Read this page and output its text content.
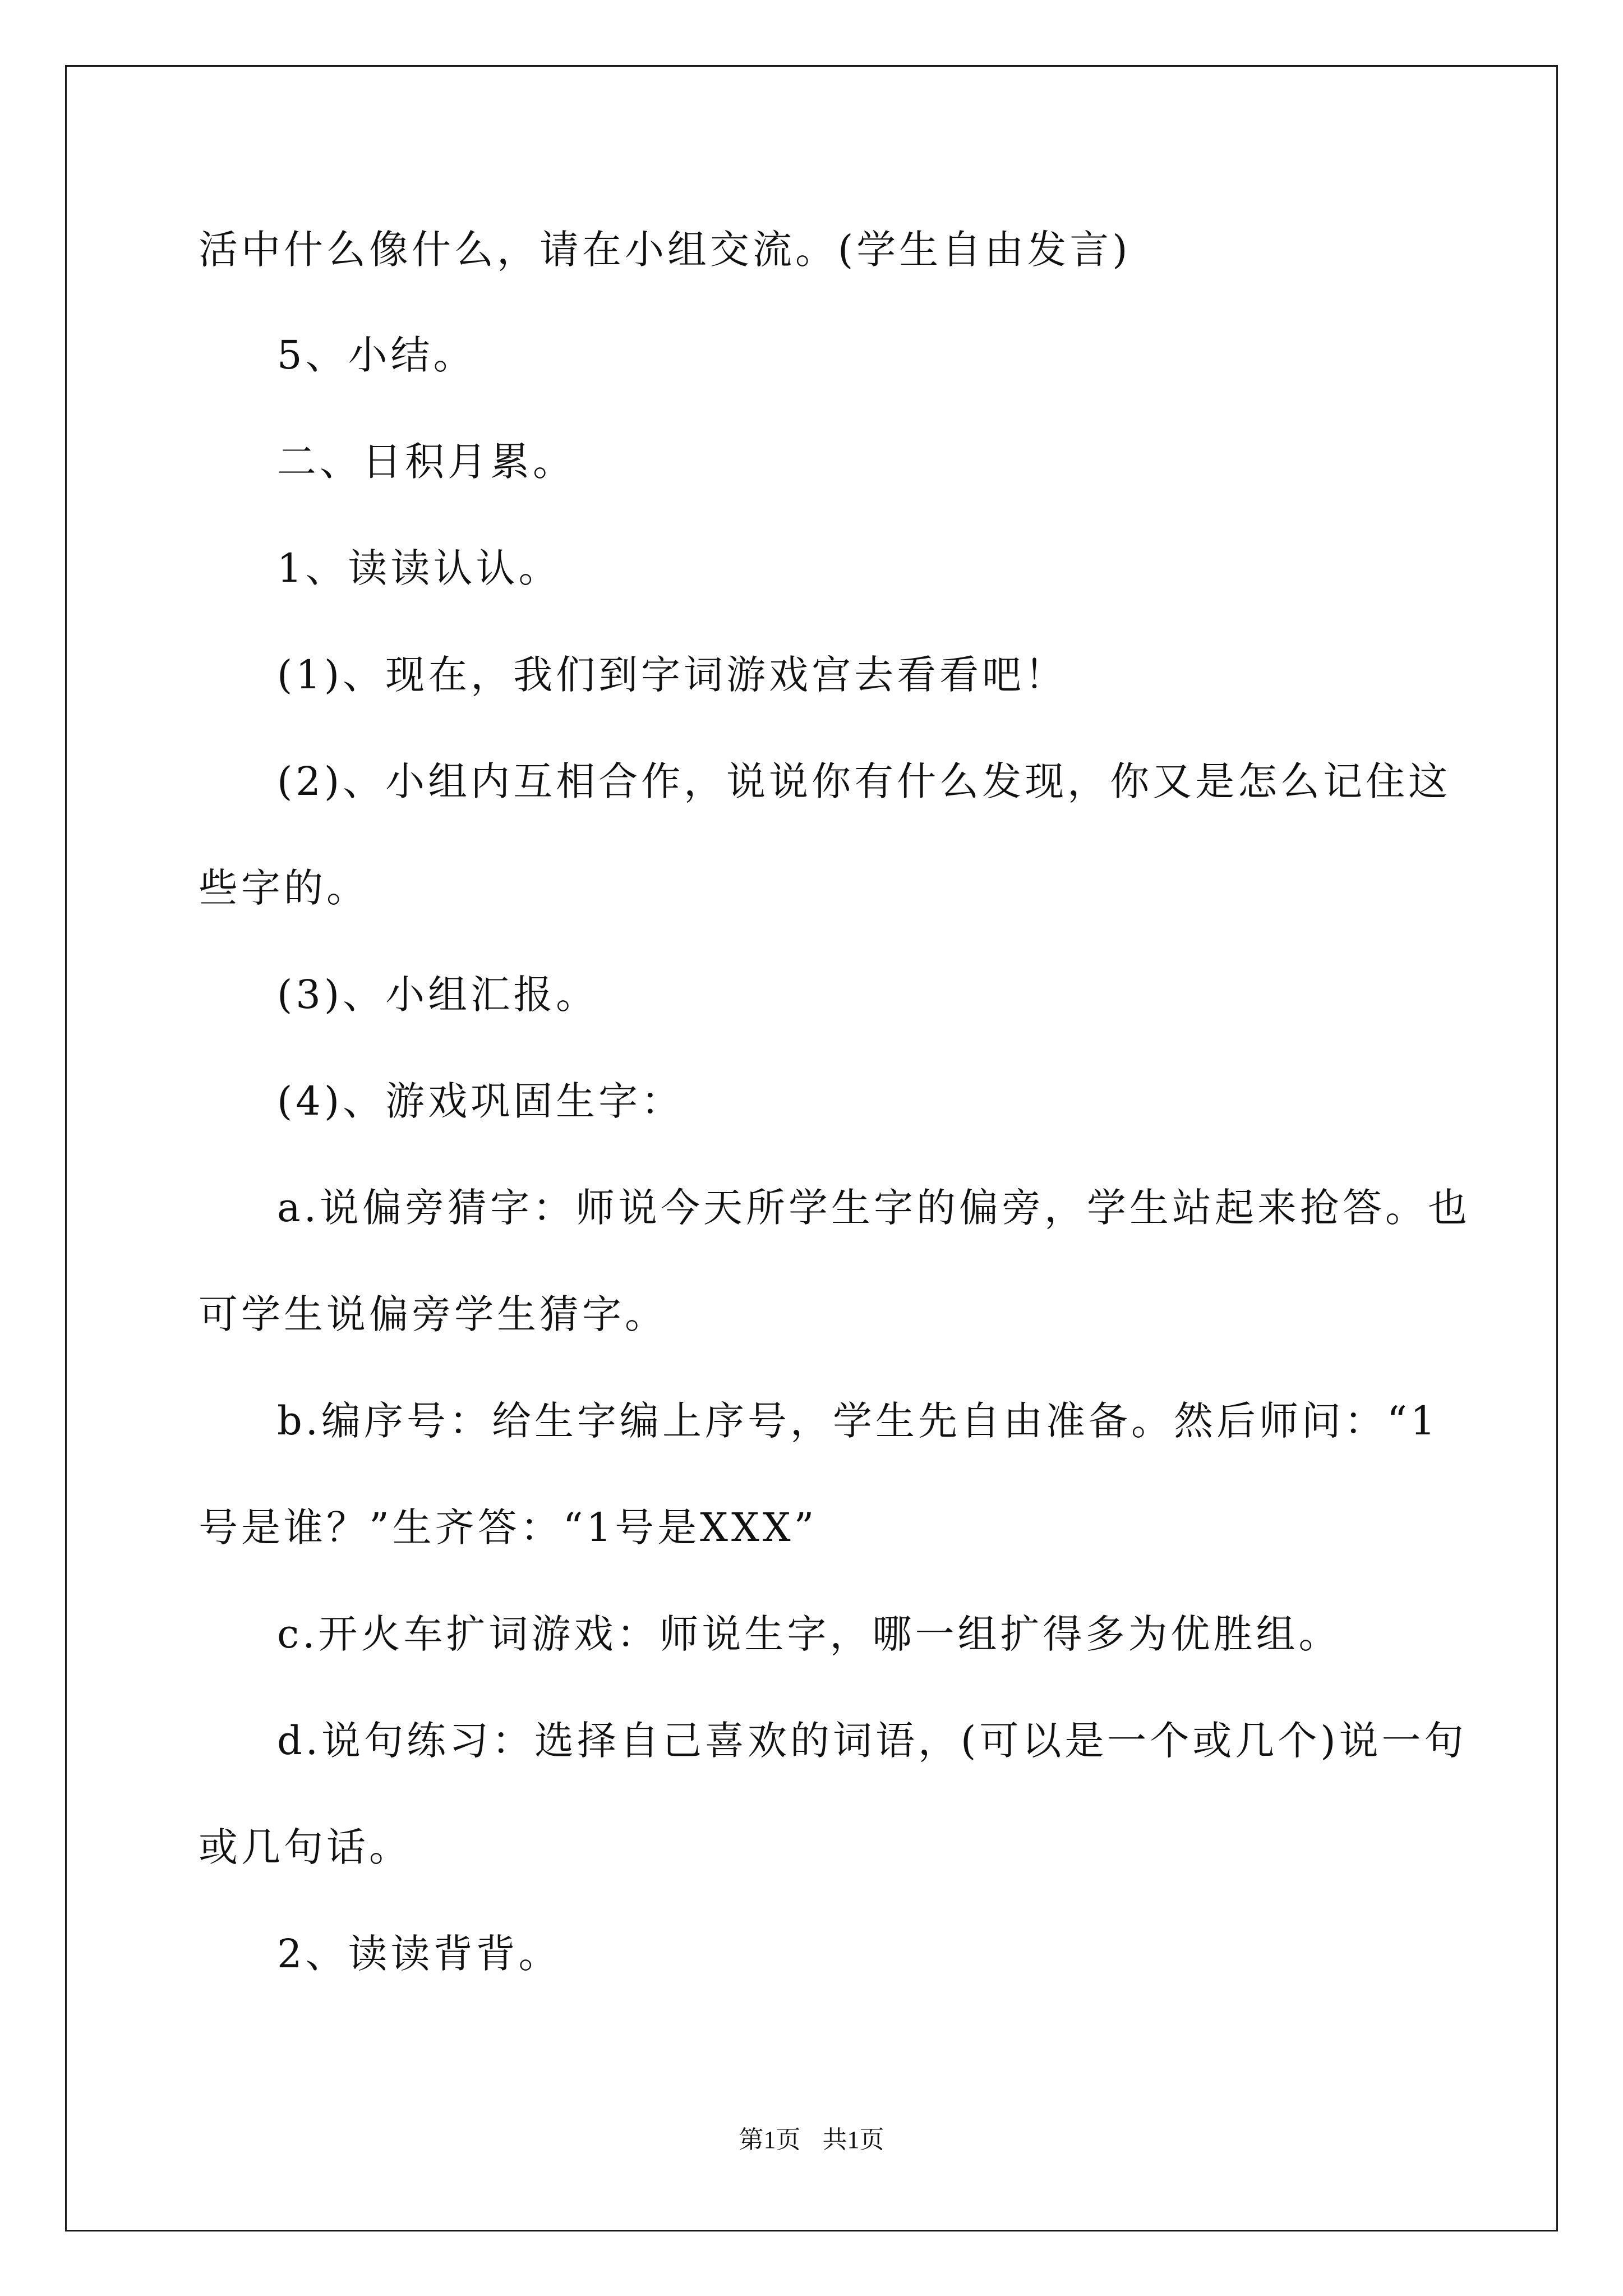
活中什么像什么，请在小组交流。(学生自由发言)

5、小结。

二、日积月累。

1、读读认认。

(1)、现在，我们到字词游戏宫去看看吧！

(2)、小组内互相合作，说说你有什么发现，你又是怎么记住这

些字的。

(3)、小组汇报。

(4)、游戏巩固生字：

a.说偏旁猜字：师说今天所学生字的偏旁，学生站起来抢答。也

可学生说偏旁学生猜字。

b.编序号：给生字编上序号，学生先自由准备。然后师问：“1

号是谁？”生齐答：“1号是XXX”

c.开火车扩词游戏：师说生字，哪一组扩得多为优胜组。

d.说句练习：选择自己喜欢的词语，(可以是一个或几个)说一句

或几句话。

2、读读背背。

第1页 共1页
